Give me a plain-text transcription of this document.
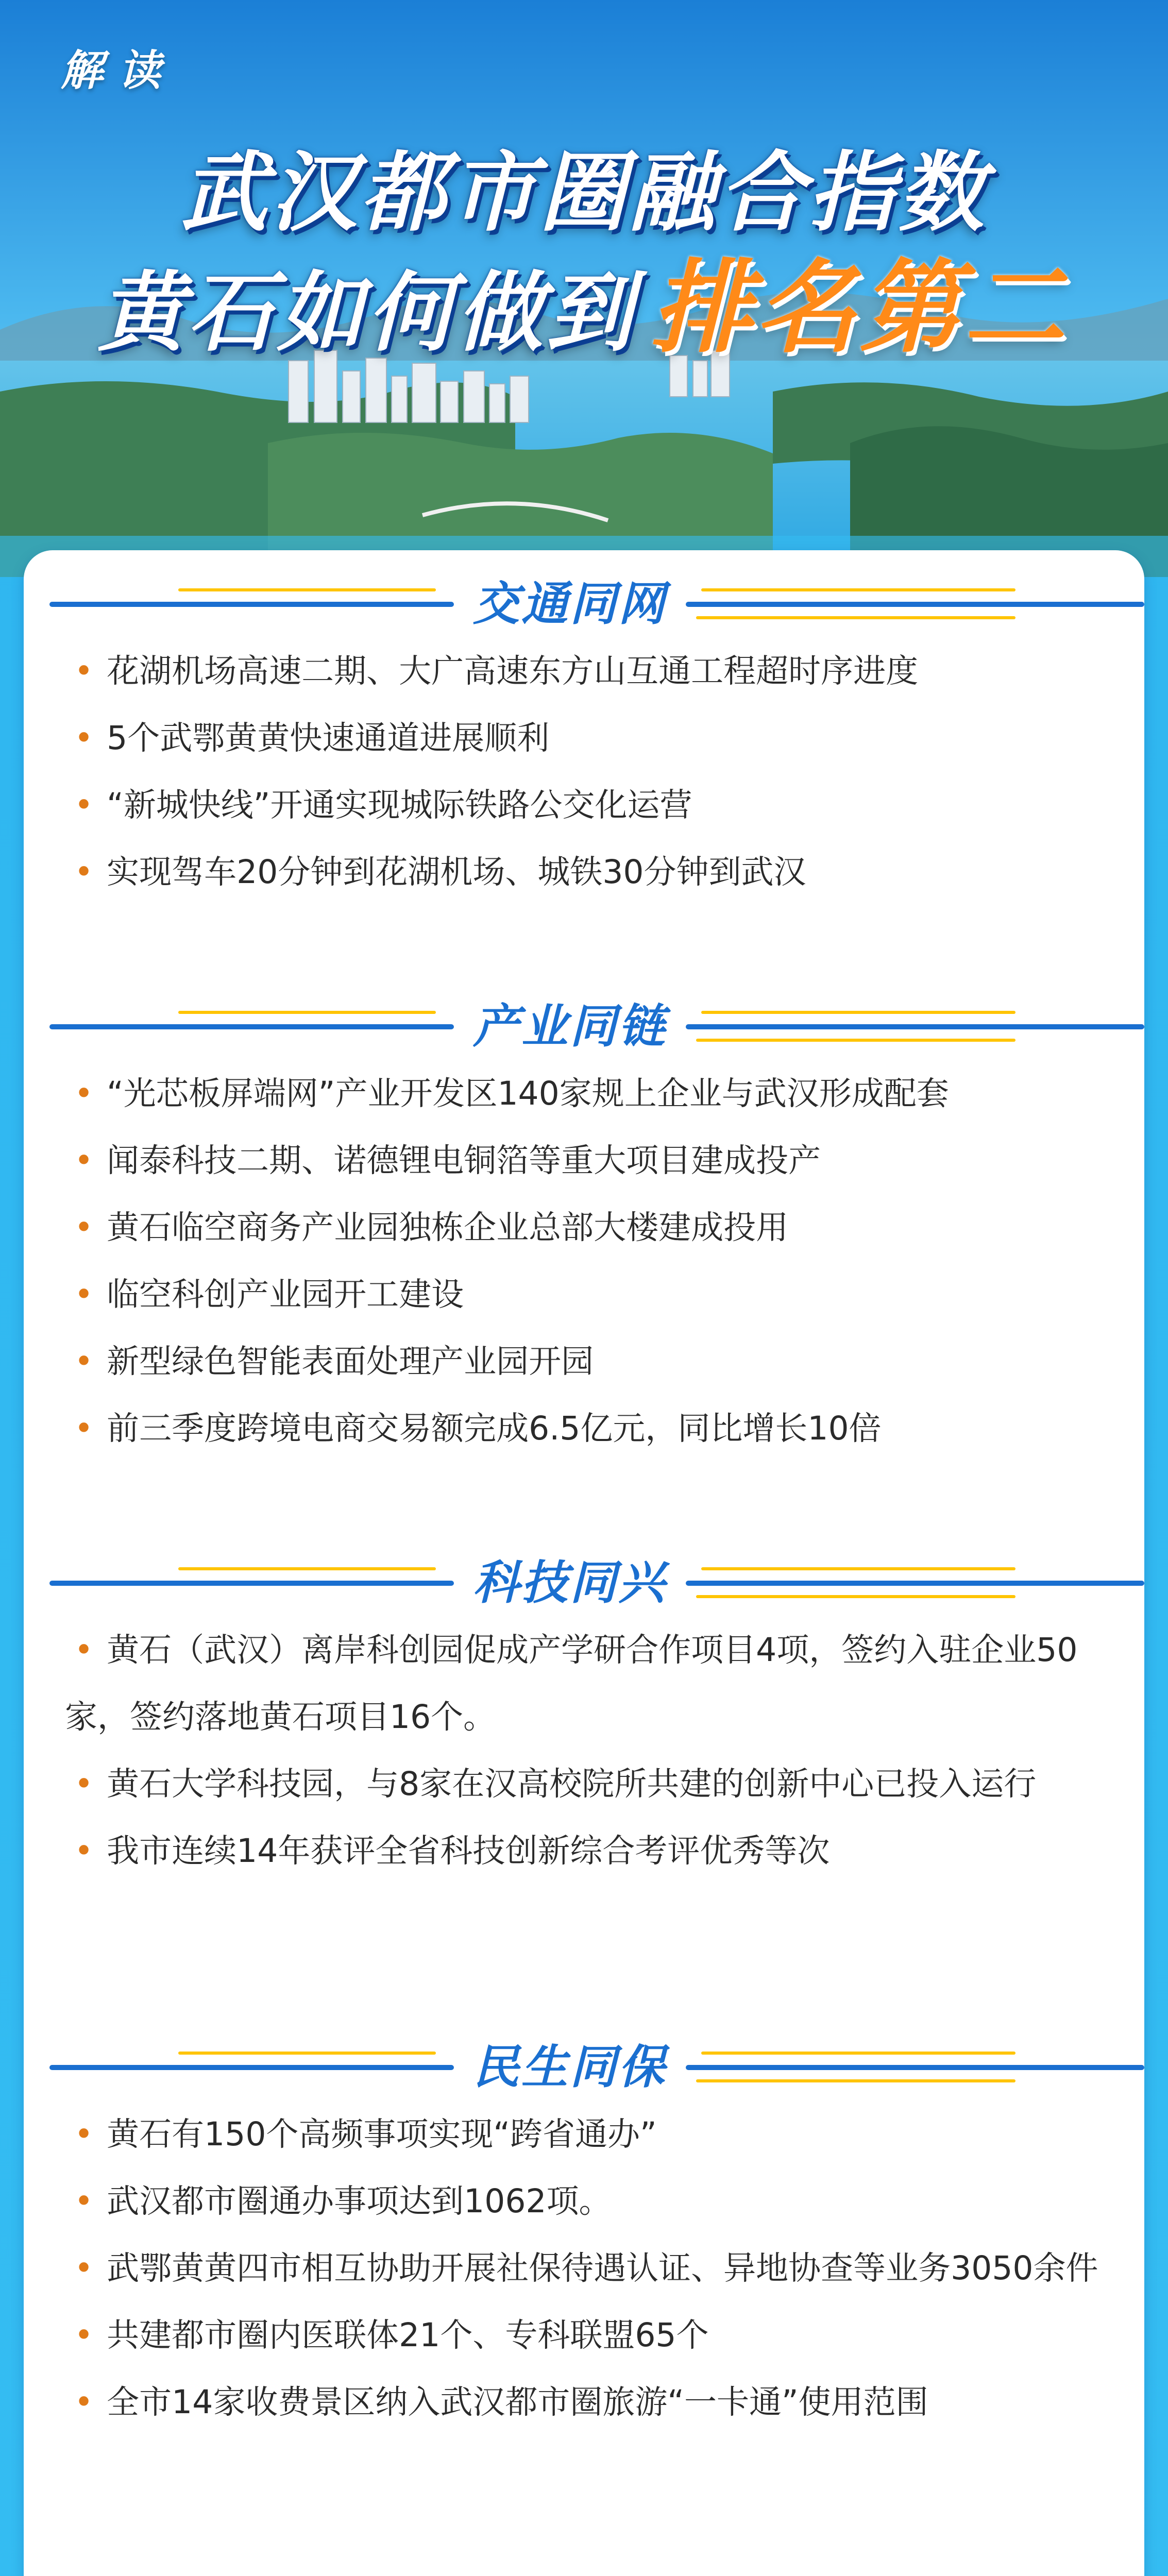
解读
武汉都市圈融合指数
黄石如何做到 排名第二
交通同网
• 花湖机场高速二期、大广高速东方山互通工程超时序进度
• 5个武鄂黄黄快速通道进展顺利
• “新城快线”开通实现城际铁路公交化运营
• 实现驾车20分钟到花湖机场、城铁30分钟到武汉
产业同链
• “光芯板屏端网”产业开发区140家规上企业与武汉形成配套
• 闻泰科技二期、诺德锂电铜箔等重大项目建成投产
• 黄石临空商务产业园独栋企业总部大楼建成投用
• 临空科创产业园开工建设
• 新型绿色智能表面处理产业园开园
• 前三季度跨境电商交易额完成6.5亿元，同比增长10倍
科技同兴
• 黄石（武汉）离岸科创园促成产学研合作项目4项，签约入驻企业50家，签约落地黄石项目16个。
• 黄石大学科技园，与8家在汉高校院所共建的创新中心已投入运行
• 我市连续14年获评全省科技创新综合考评优秀等次
民生同保
• 黄石有150个高频事项实现“跨省通办”
• 武汉都市圈通办事项达到1062项。
• 武鄂黄黄四市相互协助开展社保待遇认证、异地协查等业务3050余件
• 共建都市圈内医联体21个、专科联盟65个
• 全市14家收费景区纳入武汉都市圈旅游“一卡通”使用范围
